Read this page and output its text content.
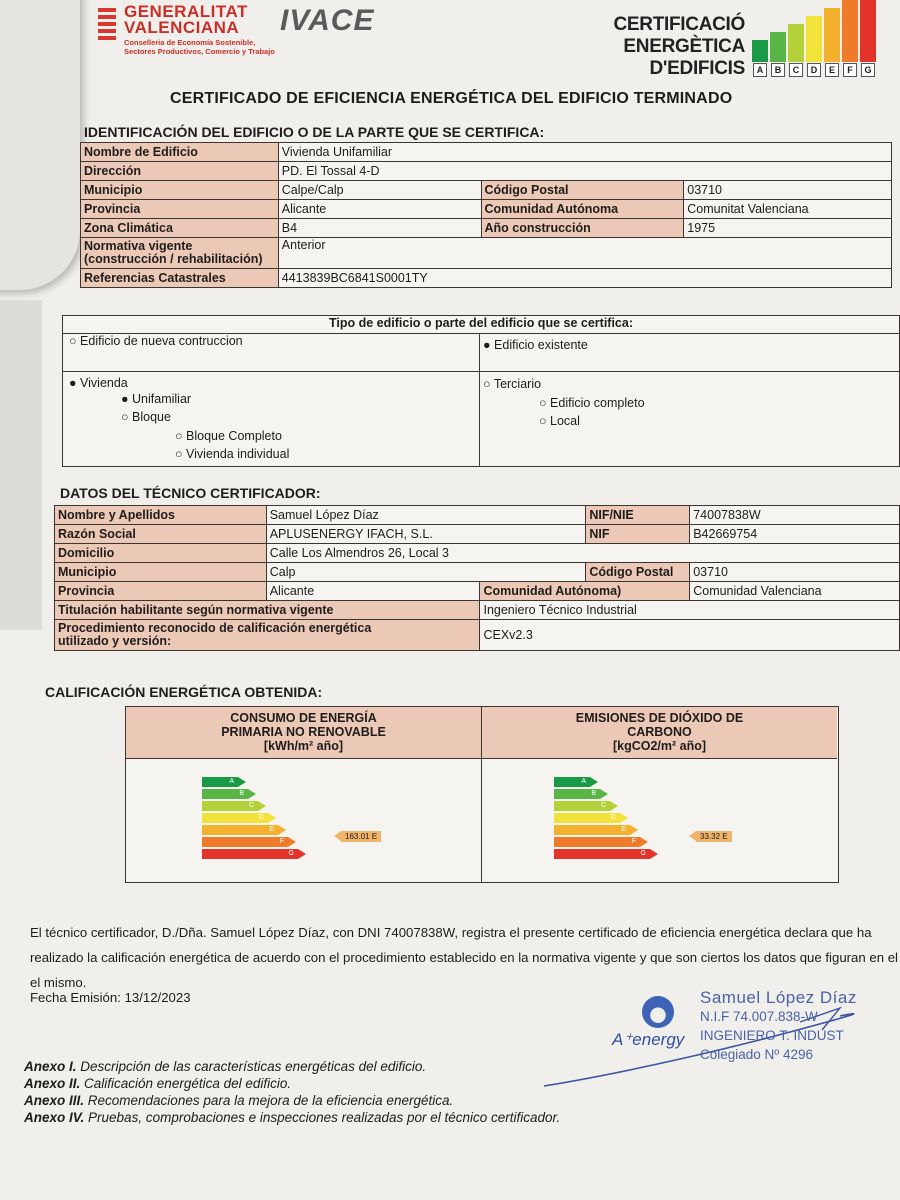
GENERALITAT
VALENCIANA
Conselleria de Economía Sostenible, Sectores Productivos, Comercio y Trabajo
IVACE	CERTIFICACIÓ
ENERGÈTICA D'EDIFICIS	A	B	C	D	E	F	G
CERTIFICADO DE EFICIENCIA ENERGÉTICA DEL EDIFICIO TERMINADO
IDENTIFICACIÓN DEL EDIFICIO O DE LA PARTE QUE SE CERTIFICA:
Nombre de Edificio	Vivienda Unifamiliar		
Dirección	PD. El Tossal 4-D		
Municipio	Calpe/Calp	Código Postal	03710
Provincia	Alicante	Comunidad Autónoma	Comunitat Valenciana
Zona Climática	B4	Año construcción	1975

Normativa vigente
(construcción / rehabilitación)	Anterior		
Referencias Catastrales	4413839BC6841S0001TY		
Tipo de edificio o parte del edificio que se certifica:
○ Edificio de nueva contruccion	● Edificio existente
● Vivienda
● Unifamiliar
○ Bloque
○ Bloque Completo
○ Vivienda individual
○ Terciario
○ Edificio completo
○ Local
DATOS DEL TÉCNICO CERTIFICADOR:
Nombre y Apellidos	Samuel López Díaz		NIF/NIE	74007838W
Razón Social	APLUSENERGY IFACH, S.L.		NIF	B42669754
Domicilio	Calle Los Almendros 26, Local 3			
Municipio	Calp		Código Postal	03710
Provincia	Alicante	Comunidad Autónoma)		Comunidad Valenciana
Titulación habilitante según normativa vigente		Ingeniero Técnico Industrial		

Procedimiento reconocido de calificación energética
utilizado y versión:		CEXv2.3		
CALIFICACIÓN ENERGÉTICA OBTENIDA:
CONSUMO DE ENERGÍA
PRIMARIA NO RENOVABLE
[kWh/m² año]
A
B
C
D
E
F
G
163.01 E
EMISIONES DE DIÓXIDO DE
CARBONO
[kgCO2/m² año]
A
B
C
D
E
F
G
33.32 E
El técnico certificador, D./Dña. Samuel López Díaz, con DNI 74007838W, registra el presente certificado de eficiencia energética declara que ha realizado la calificación energética de acuerdo con el procedimiento establecido en la normativa vigente y que son ciertos los datos que figuran en el el mismo.
Fecha Emisión: 13/12/2023
A⁺energy
Samuel López Díaz
N.I.F 74.007.838-W
INGENIERO T. INDUST
Colegiado Nº 4296
Anexo I. Descripción de las características energéticas del edificio.
Anexo II. Calificación energética del edificio.
Anexo III. Recomendaciones para la mejora de la eficiencia energética.
Anexo IV. Pruebas, comprobaciones e inspecciones realizadas por el técnico certificador.
